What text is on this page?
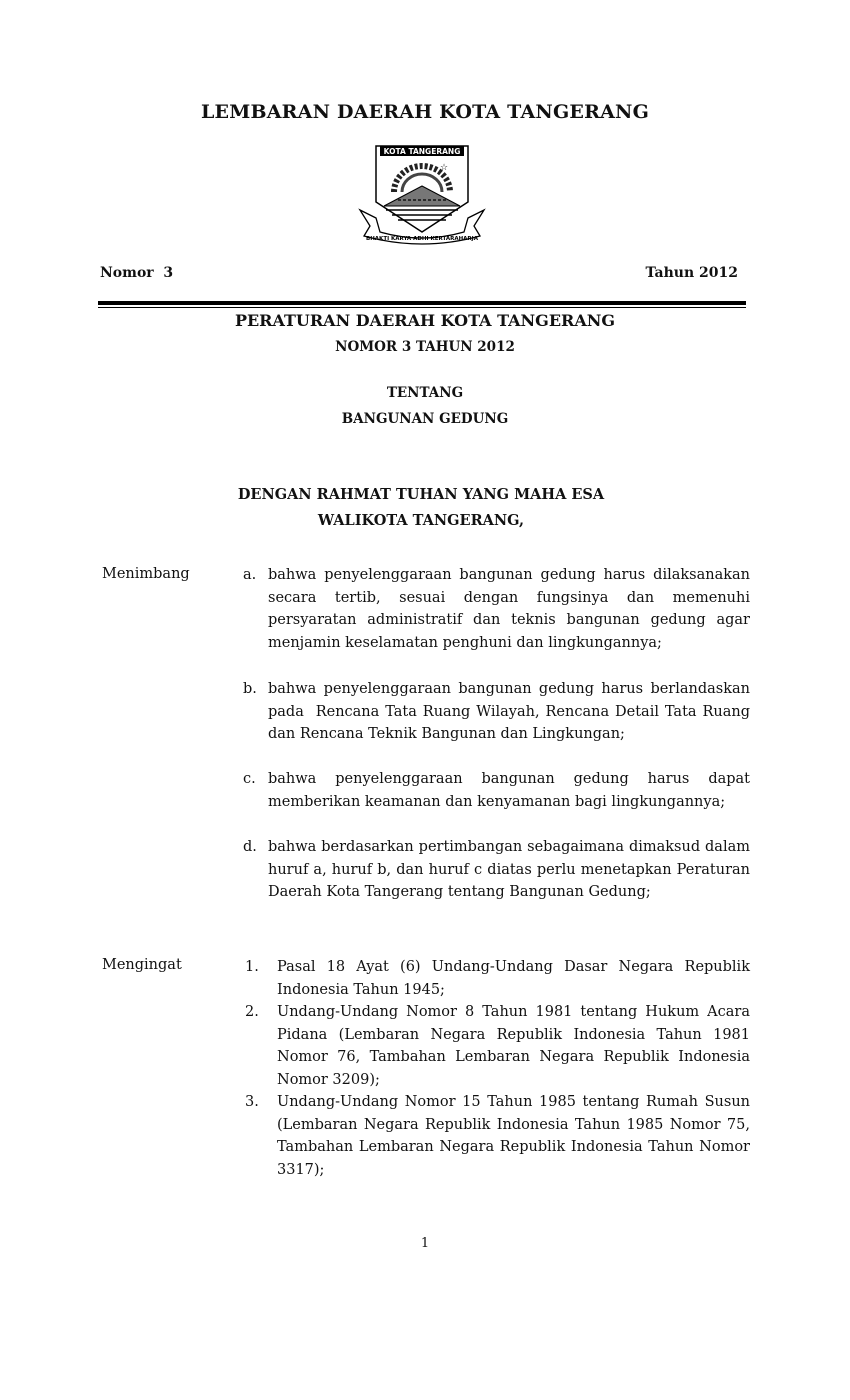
LEMBARAN DAERAH KOTA TANGERANG
KOTA TANGERANG
☆
BHAKTI KARYA ADHI KERTARAHARJA
Nomor  3	Tahun 2012
PERATURAN DAERAH KOTA TANGERANG
NOMOR 3 TAHUN 2012
TENTANG
BANGUNAN GEDUNG
DENGAN RAHMAT TUHAN YANG MAHA ESA
WALIKOTA TANGERANG,
Menimbang	a. bahwa penyelenggaraan bangunan gedung harus dilaksanakan secara tertib, sesuai dengan fungsinya dan memenuhi persyaratan administratif dan teknis bangunan gedung agar menjamin keselamatan penghuni dan lingkungannya;
b. bahwa penyelenggaraan bangunan gedung harus berlandaskan pada  Rencana Tata Ruang Wilayah, Rencana Detail Tata Ruang dan Rencana Teknik Bangunan dan Lingkungan;
c. bahwa penyelenggaraan bangunan gedung harus dapat memberikan keamanan dan kenyamanan bagi lingkungannya;
d. bahwa berdasarkan pertimbangan sebagaimana dimaksud dalam huruf a, huruf b, dan huruf c diatas perlu menetapkan Peraturan Daerah Kota Tangerang tentang Bangunan Gedung;
Mengingat	1. Pasal 18 Ayat (6) Undang-Undang Dasar Negara Republik Indonesia Tahun 1945;
2. Undang-Undang Nomor 8 Tahun 1981 tentang Hukum Acara Pidana (Lembaran Negara Republik Indonesia Tahun 1981 Nomor 76, Tambahan Lembaran Negara Republik Indonesia Nomor 3209);
3. Undang-Undang Nomor 15 Tahun 1985 tentang Rumah Susun (Lembaran Negara Republik Indonesia Tahun 1985 Nomor 75, Tambahan Lembaran Negara Republik Indonesia Tahun Nomor 3317);
1
